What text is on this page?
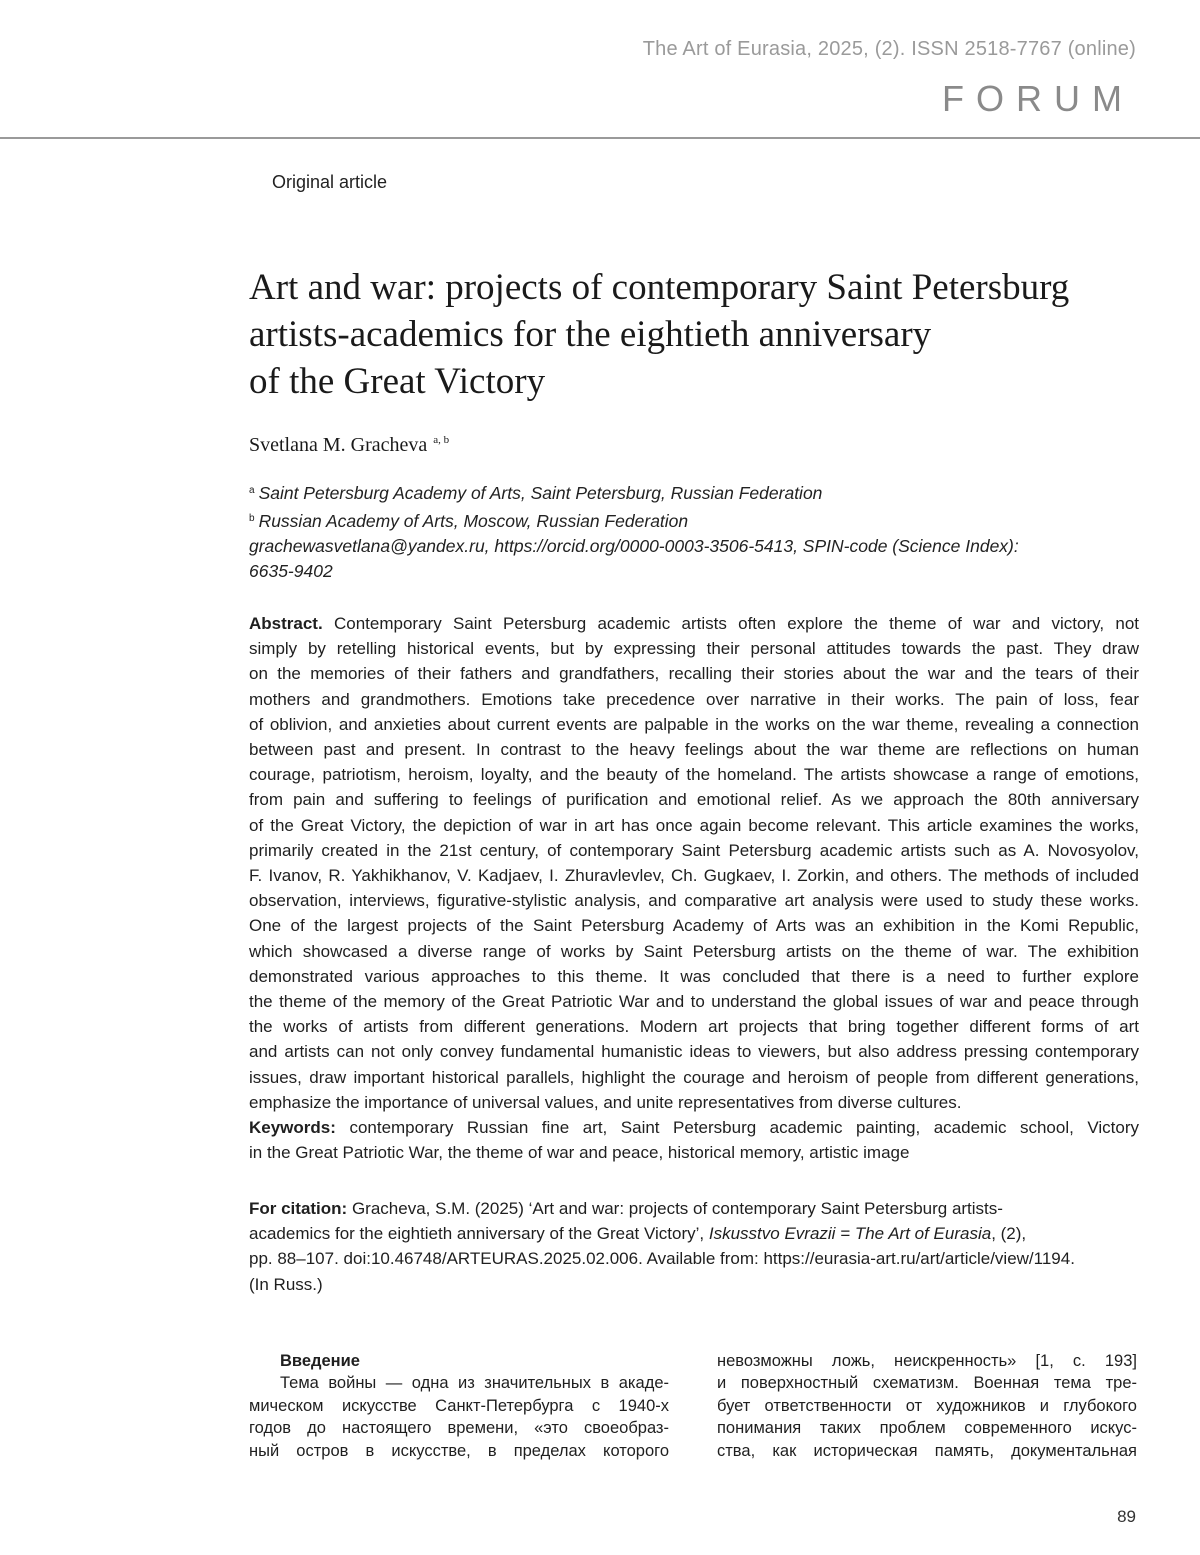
The Art of Eurasia, 2025, (2). ISSN 2518-7767 (online)
FORUM
Original article
Art and war: projects of contemporary Saint Petersburg
artists-academics for the eightieth anniversary
of the Great Victory
Svetlana M. Gracheva $^{a, b}$
$^a$ Saint Petersburg Academy of Arts, Saint Petersburg, Russian Federation
$^b$ Russian Academy of Arts, Moscow, Russian Federation
grachewasvetlana@yandex.ru, https://orcid.org/0000-0003-3506-5413, SPIN-code (Science Index):
6635-9402
Abstract. Contemporary Saint Petersburg academic artists often explore the theme of war and victory, not
simply by retelling historical events, but by expressing their personal attitudes towards the past. They draw
on the memories of their fathers and grandfathers, recalling their stories about the war and the tears of their
mothers and grandmothers. Emotions take precedence over narrative in their works. The pain of loss, fear
of oblivion, and anxieties about current events are palpable in the works on the war theme, revealing a connection
between past and present. In contrast to the heavy feelings about the war theme are reflections on human
courage, patriotism, heroism, loyalty, and the beauty of the homeland. The artists showcase a range of emotions,
from pain and suffering to feelings of purification and emotional relief. As we approach the 80th anniversary
of the Great Victory, the depiction of war in art has once again become relevant. This article examines the works,
primarily created in the 21st century, of contemporary Saint Petersburg academic artists such as A. Novosyolov,
F. Ivanov, R. Yakhikhanov, V. Kadjaev, I. Zhuravlevlev, Ch. Gugkaev, I. Zorkin, and others. The methods of included
observation, interviews, figurative-stylistic analysis, and comparative art analysis were used to study these works.
One of the largest projects of the Saint Petersburg Academy of Arts was an exhibition in the Komi Republic,
which showcased a diverse range of works by Saint Petersburg artists on the theme of war. The exhibition
demonstrated various approaches to this theme. It was concluded that there is a need to further explore
the theme of the memory of the Great Patriotic War and to understand the global issues of war and peace through
the works of artists from different generations. Modern art projects that bring together different forms of art
and artists can not only convey fundamental humanistic ideas to viewers, but also address pressing contemporary
issues, draw important historical parallels, highlight the courage and heroism of people from different generations,
emphasize the importance of universal values, and unite representatives from diverse cultures.
Keywords: contemporary Russian fine art, Saint Petersburg academic painting, academic school, Victory
in the Great Patriotic War, the theme of war and peace, historical memory, artistic image
For citation: Gracheva, S.M. (2025) ‘Art and war: projects of contemporary Saint Petersburg artists-
academics for the eightieth anniversary of the Great Victory’, Iskusstvo Evrazii = The Art of Eurasia, (2),
pp. 88–107. doi:10.46748/ARTEURAS.2025.02.006. Available from: https://eurasia-art.ru/art/article/view/1194.
(In Russ.)
Введение
Тема войны — одна из значительных в акаде-
мическом искусстве Санкт-Петербурга с 1940-х
годов до настоящего времени, «это своеобраз-
ный остров в искусстве, в пределах которого
невозможны ложь, неискренность» [1, с. 193]
и поверхностный схематизм. Военная тема тре-
бует ответственности от художников и глубокого
понимания таких проблем современного искус-
ства, как историческая память, документальная
89
